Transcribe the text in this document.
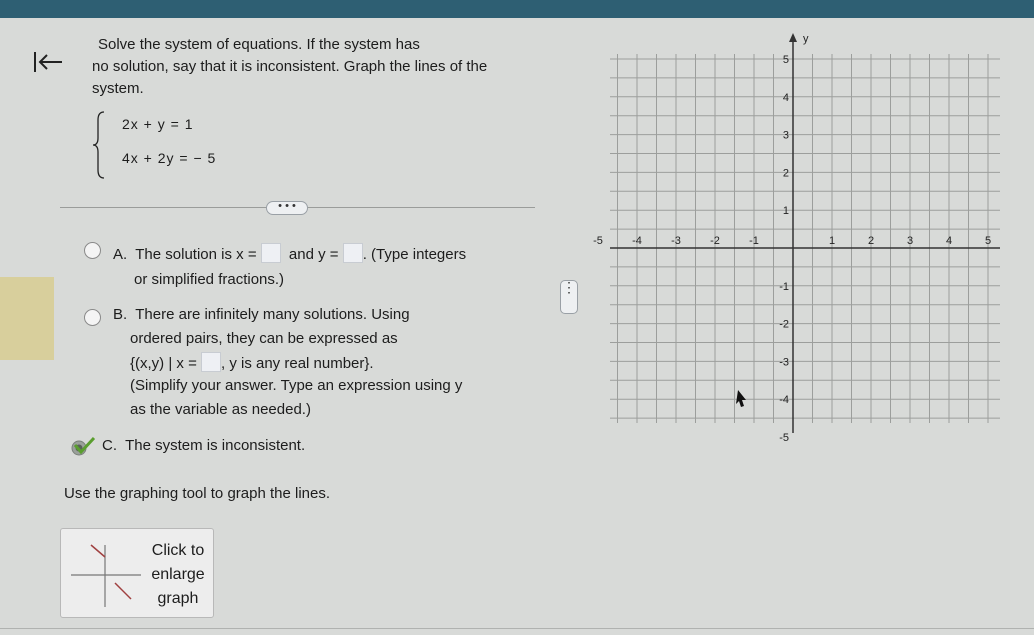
Solve the system of equations. If the system has
no solution, say that it is inconsistent. Graph the lines of the
system.
2x + y = 1
4x + 2y = − 5
• • •
⋮
A. The solution is x = and y = . (Type integers
or simplified fractions.)
B. There are infinitely many solutions. Using
ordered pairs, they can be expressed as
{(x,y) | x = , y is any real number}.
(Simplify your answer. Type an expression using y
as the variable as needed.)
C. The system is inconsistent.
Use the graphing tool to graph the lines.
Click to
enlarge
graph
y
-5	-4	-3	-2	-1	1	2	3	4	5
5
4
3
2
1
-1
-2
-3
-4
-5
